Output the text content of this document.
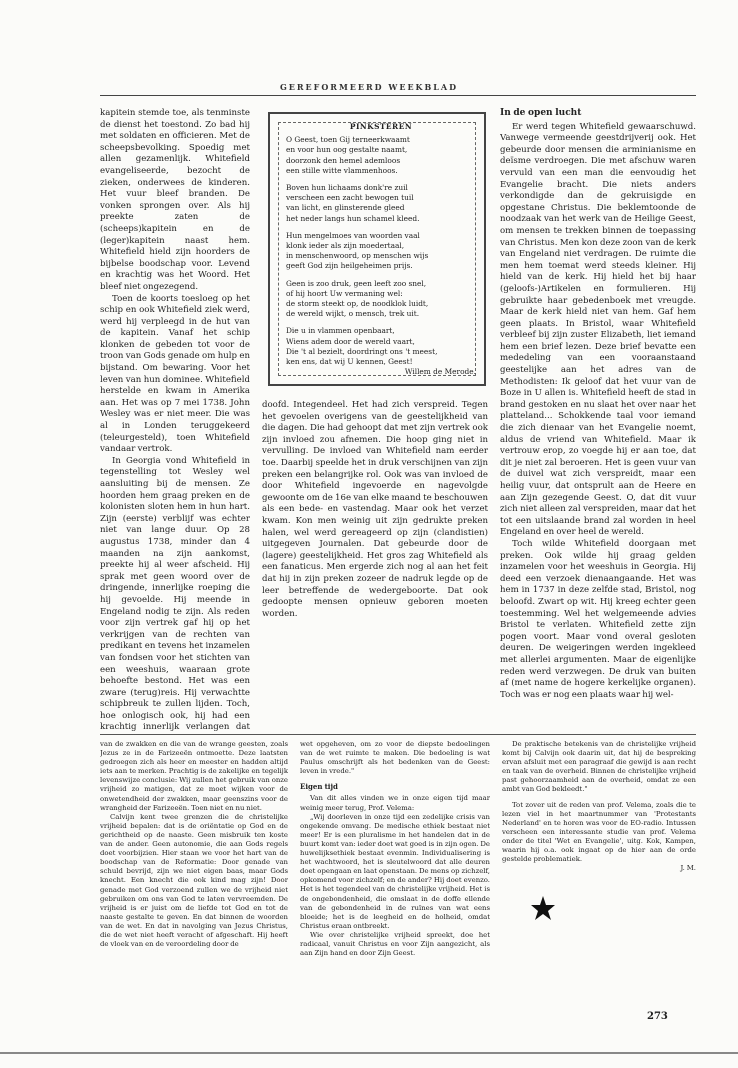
GEREFORMEERD WEEKBLAD

kapitein stemde toe, als tenminste de dienst het toestond. Zo bad hij met soldaten en officieren. Met de scheepsbevolking. Spoedig met allen gezamenlijk. Whitefield evangeliseerde, bezocht de zieken, onderwees de kinderen. Het vuur bleef branden. De vonken sprongen over. Als hij preekte zaten de (scheeps)kapitein en de (leger)kapitein naast hem. Whitefield hield zijn hoorders de bijbelse boodschap voor. Levend en krachtig was het Woord. Het bleef niet ongezegend.

Toen de koorts toesloeg op het schip en ook Whitefield ziek werd, werd hij verpleegd in de hut van de kapitein. Vanaf het schip klonken de gebeden tot voor de troon van Gods genade om hulp en bijstand. Om bewaring. Voor het leven van hun dominee. Whitefield herstelde en kwam in Amerika aan. Het was op 7 mei 1738. John Wesley was er niet meer. Die was al in Londen teruggekeerd (teleurgesteld), toen Whitefield vandaar vertrok.

In Georgia vond Whitefield in tegenstelling tot Wesley wel aansluiting bij de mensen. Ze hoorden hem graag preken en de kolonisten sloten hem in hun hart. Zijn (eerste) verblijf was echter niet van lange duur. Op 28 augustus 1738, minder dan 4 maanden na zijn aankomst, preekte hij al weer afscheid. Hij sprak met geen woord over de dringende, innerlijke roeping die hij gevoelde. Hij meende in Engeland nodig te zijn. Als reden voor zijn vertrek gaf hij op het verkrijgen van de rechten van predikant en tevens het inzamelen van fondsen voor het stichten van een weeshuis, waaraan grote behoefte bestond. Het was een zware (terug)reis. Hij verwachtte schipbreuk te zullen lijden. Toch, hoe onlogisch ook, hij had een krachtig innerlijk verlangen dat

PINKSTEREN
O Geest, toen Gij terneerkwaamt
en voor hun oog gestalte naamt,
doorzonk den hemel ademloos
een stille witte vlammenhoos.
Boven hun lichaams donk're zuil
verscheen een zacht bewogen tuil
van licht, en glinsterende gleed
het neder langs hun schamel kleed.
Hun mengelmoes van woorden vaal
klonk ieder als zijn moedertaal,
in menschenwoord, op menschen wijs
geeft God zijn heilgeheimen prijs.
Geen is zoo druk, geen leeft zoo snel,
of hij hoort Uw vermaning wel:
de storm steekt op, de noodklok luidt,
de wereld wijkt, o mensch, trek uit.
Die u in vlammen openbaart,
Wiens adem door de wereld vaart,
Die 't al bezielt, doordringt ons 't meest,
ken ens, dat wij U kennen, Geest!
Willem de Merode.

doofd. Integendeel. Het had zich verspreid. Tegen het gevoelen overigens van de geestelijkheid van die dagen. Die had gehoopt dat met zijn vertrek ook zijn invloed zou afnemen. Die hoop ging niet in vervulling. De invloed van Whitefield nam eerder toe. Daarbij speelde het in druk verschijnen van zijn preken een belangrijke rol. Ook was van invloed de door Whitefield ingevoerde en nagevolgde gewoonte om de 16e van elke maand te beschouwen als een bede- en vastendag. Maar ook het verzet kwam. Kon men weinig uit zijn gedrukte preken halen, wel werd gereageerd op zijn (clandistien) uitgegeven Journalen. Dat gebeurde door de (lagere) geestelijkheid. Het gros zag Whitefield als een fanaticus. Men ergerde zich nog al aan het feit dat hij in zijn preken zozeer de nadruk legde op de leer betreffende de wedergeboorte. Dat ook gedoopte mensen opnieuw geboren moeten worden.

In de open lucht

Er werd tegen Whitefield gewaarschuwd. Vanwege vermeende geestdrijverij ook. Het gebeurde door mensen die arminianisme en deïsme verdroegen. Die met afschuw waren vervuld van een man die eenvoudig het Evangelie bracht. Die niets anders verkondigde dan de gekruisigde en opgestane Christus. Die beklemtoonde de noodzaak van het werk van de Heilige Geest, om mensen te trekken binnen de toepassing van Christus. Men kon deze zoon van de kerk van Engeland niet verdragen. De ruimte die men hem toemat werd steeds kleiner. Hij hield van de kerk. Hij hield het bij haar (geloofs-)Artikelen en formulieren. Hij gebruikte haar gebedenboek met vreugde. Maar de kerk hield niet van hem. Gaf hem geen plaats. In Bristol, waar Whitefield verbleef bij zijn zuster Elizabeth, liet iemand hem een brief lezen. Deze brief bevatte een mededeling van een vooraanstaand geestelijke aan het adres van de Methodisten: Ik geloof dat het vuur van de Boze in U allen is. Whitefield heeft de stad in brand gestoken en nu slaat het over naar het platteland... Schokkende taal voor iemand die zich dienaar van het Evangelie noemt, aldus de vriend van Whitefield. Maar ik vertrouw erop, zo voegde hij er aan toe, dat dit je niet zal beroeren. Het is geen vuur van de duivel wat zich verspreidt, maar een heilig vuur, dat ontsprult aan de Heere en aan Zijn gezegende Geest. O, dat dit vuur zich niet alleen zal verspreiden, maar dat het tot een uitslaande brand zal worden in heel Engeland en over heel de wereld.

Toch wilde Whitefield doorgaan met preken. Ook wilde hij graag gelden inzamelen voor het weeshuis in Georgia. Hij deed een verzoek dienaangaande. Het was hem in 1737 in deze zelfde stad, Bristol, nog beloofd. Zwart op wit. Hij kreeg echter geen toestemming. Wel het welgemeende advies Bristol te verlaten. Whitefield zette zijn pogen voort. Maar vond overal gesloten deuren. De weigeringen werden ingekleed met allerlei argumenten. Maar de eigenlijke reden werd verzwegen. De druk van buiten af (met name de hogere kerkelijke organen). Toch was er nog een plaats waar hij wel-

van de zwakken en die van de wrange geesten, zoals Jezus ze in de Farizeeën ontmoette. Deze laatsten gedroegen zich als heer en meester en hadden altijd iets aan te merken. Prachtig is de zakelijke en tegelijk levenswijze conclusie: Wij zullen het gebruik van onze vrijheid zo matigen, dat ze moet wijken voor de onwetendheid der zwakken, maar geenszins voor de wrangheid der Farizeeën. Toen niet en nu niet.

Calvijn kent twee grenzen die de christelijke vrijheid bepalen: dat is de oriëntatie op God en de gerichtheid op de naaste. Geen misbruik ten koste van de ander. Geen autonomie, die aan Gods regels doet voorbijzien. Hier staan we voor het hart van de boodschap van de Reformatie: Door genade van schuld bevrijd, zijn we niet eigen baas, maar Gods knecht. Een knecht die ook kind mag zijn! Door genade met God verzoend zullen we de vrijheid niet gebruiken om ons van God te laten vervreemden. De vrijheid is er juist om de liefde tot God en tot de naaste gestalte te geven. En dat binnen de woorden van de wet. En dat in navolging van Jezus Christus, die de wet niet heeft veracht of afgeschaft. Hij heeft de vloek van en de veroordeling door de

wet opgeheven, om zo voor de diepste bedoelingen van de wet ruimte te maken. Die bedoeling is wat Paulus omschrijft als het bedenken van de Geest: leven in vrede."

Eigen tijd

Van dit alles vinden we in onze eigen tijd maar weinig meer terug, Prof. Velema:

„Wij doorleven in onze tijd een zedelijke crisis van ongekende omvang. De medische ethiek bestaat niet meer! Er is een pluralisme in het handelen dat in de buurt komt van: ieder doet wat goed is in zijn ogen. De huwelijksethiek bestaat evenmin. Individualisering is het wachtwoord, het is sleutelwoord dat alle deuren doet opengaan en laat openstaan. De mens op zichzelf, opkomend voor zichzelf; en de ander? Hij doet evenzo. Het is het tegendeel van de christelijke vrijheid. Het is de ongebondenheid, die omslaat in de doffe ellende van de gebondenheid in de ruïnes van wat eens bloeide; het is de leegheid en de holheid, omdat Christus eraan ontbreekt.

Wie over christelijke vrijheid spreekt, doe het radicaal, vanuit Christus en voor Zijn aangezicht, als aan Zijn hand en door Zijn Geest.

De praktische betekenis van de christelijke vrijheid komt bij Calvijn ook daarin uit, dat hij de bespreking ervan afsluit met een paragraaf die gewijd is aan recht en taak van de overheid. Binnen de christelijke vrijheid past gehoorzaamheid aan de overheid, omdat ze een ambt van God bekleedt."

Tot zover uit de reden van prof. Velema, zoals die te lezen viel in het maartnummer van 'Protestants Nederland' en te horen was voor de EO-radio. Intussen verscheen een interessante studie van prof. Velema onder de titel 'Wet en Evangelie', uitg. Kok, Kampen, waarin hij o.a. ook ingaat op de hier aan de orde gestelde problematiek.

J. M.

273
